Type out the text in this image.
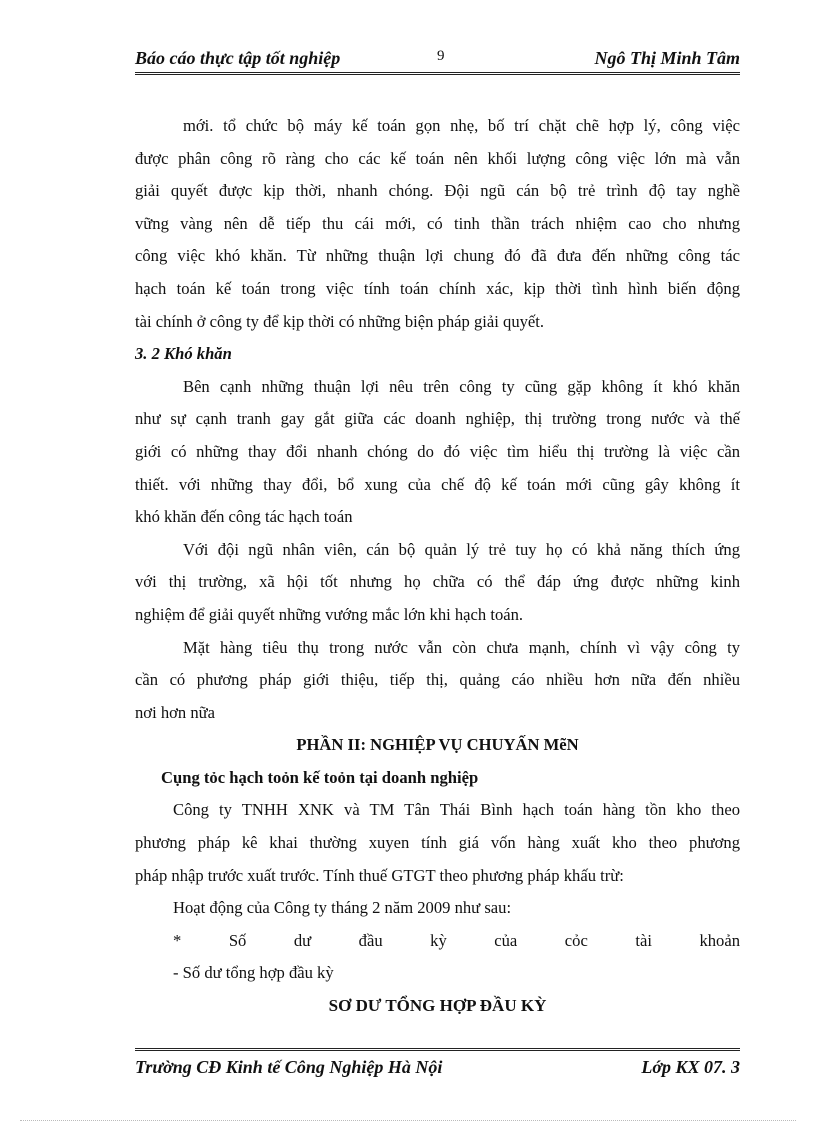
Báo cáo thực tập tốt nghiệp	9	Ngô Thị Minh Tâm
mới. tổ chức bộ máy kế toán gọn nhẹ, bố trí chặt chẽ hợp lý, công việc
được phân công rõ ràng cho các kế toán nên khối lượng công việc lớn mà vẫn
giải quyết được kịp thời, nhanh chóng. Đội ngũ cán bộ trẻ trình độ tay nghề
vững vàng nên dễ tiếp thu cái mới, có tinh thần trách nhiệm cao cho nhưng
công việc khó khăn. Từ những thuận lợi chung đó đã đưa đến những công tác
hạch toán kế toán trong việc tính toán chính xác, kịp thời tình hình biến động
tài chính ở công ty để kịp thời có những biện pháp giải quyết.
3. 2 Khó khăn
Bên cạnh những thuận lợi nêu trên công ty cũng gặp không ít khó khăn
như sự cạnh tranh gay gắt giữa các doanh nghiệp, thị trường trong nước và thế
giới có những thay đổi nhanh chóng do đó việc tìm hiểu thị trường là việc cần
thiết. với những thay đổi, bổ xung của chế độ kế toán mới cũng gây không ít
khó khăn đến công tác hạch toán
Với đội ngũ nhân viên, cán bộ quản lý trẻ tuy họ có khả năng thích ứng
với thị trường, xã hội tốt nhưng họ chữa có thể đáp ứng được những kinh
nghiệm để giải quyết những vướng mắc lớn khi hạch toán.
Mặt hàng tiêu thụ trong nước vẫn còn chưa mạnh, chính vì vậy công ty
cần có phương pháp giới thiệu, tiếp thị, quảng cáo nhiều hơn nữa đến nhiều
nơi hơn nữa
PHẦN II: NGHIỆP VỤ CHUYẤN MẽN
Cụng tỏc hạch toỏn kế toỏn tại doanh nghiệp
Công ty TNHH XNK và TM Tân Thái Bình hạch toán hàng tồn kho theo
phương pháp kê khai thường xuyen tính giá vốn hàng xuất kho theo phương
pháp nhập trước xuất trước. Tính thuế GTGT theo phương pháp khấu trừ:
Hoạt động của Công ty tháng 2 năm 2009 như sau:
* Số dư đầu kỳ của cỏc tài khoản
- Số dư tổng hợp đầu kỳ
SƠ DƯ TỔNG HỢP ĐẦU KỲ
Trường CĐ Kinh tế Công Nghiệp Hà Nội	Lớp KX 07. 3
